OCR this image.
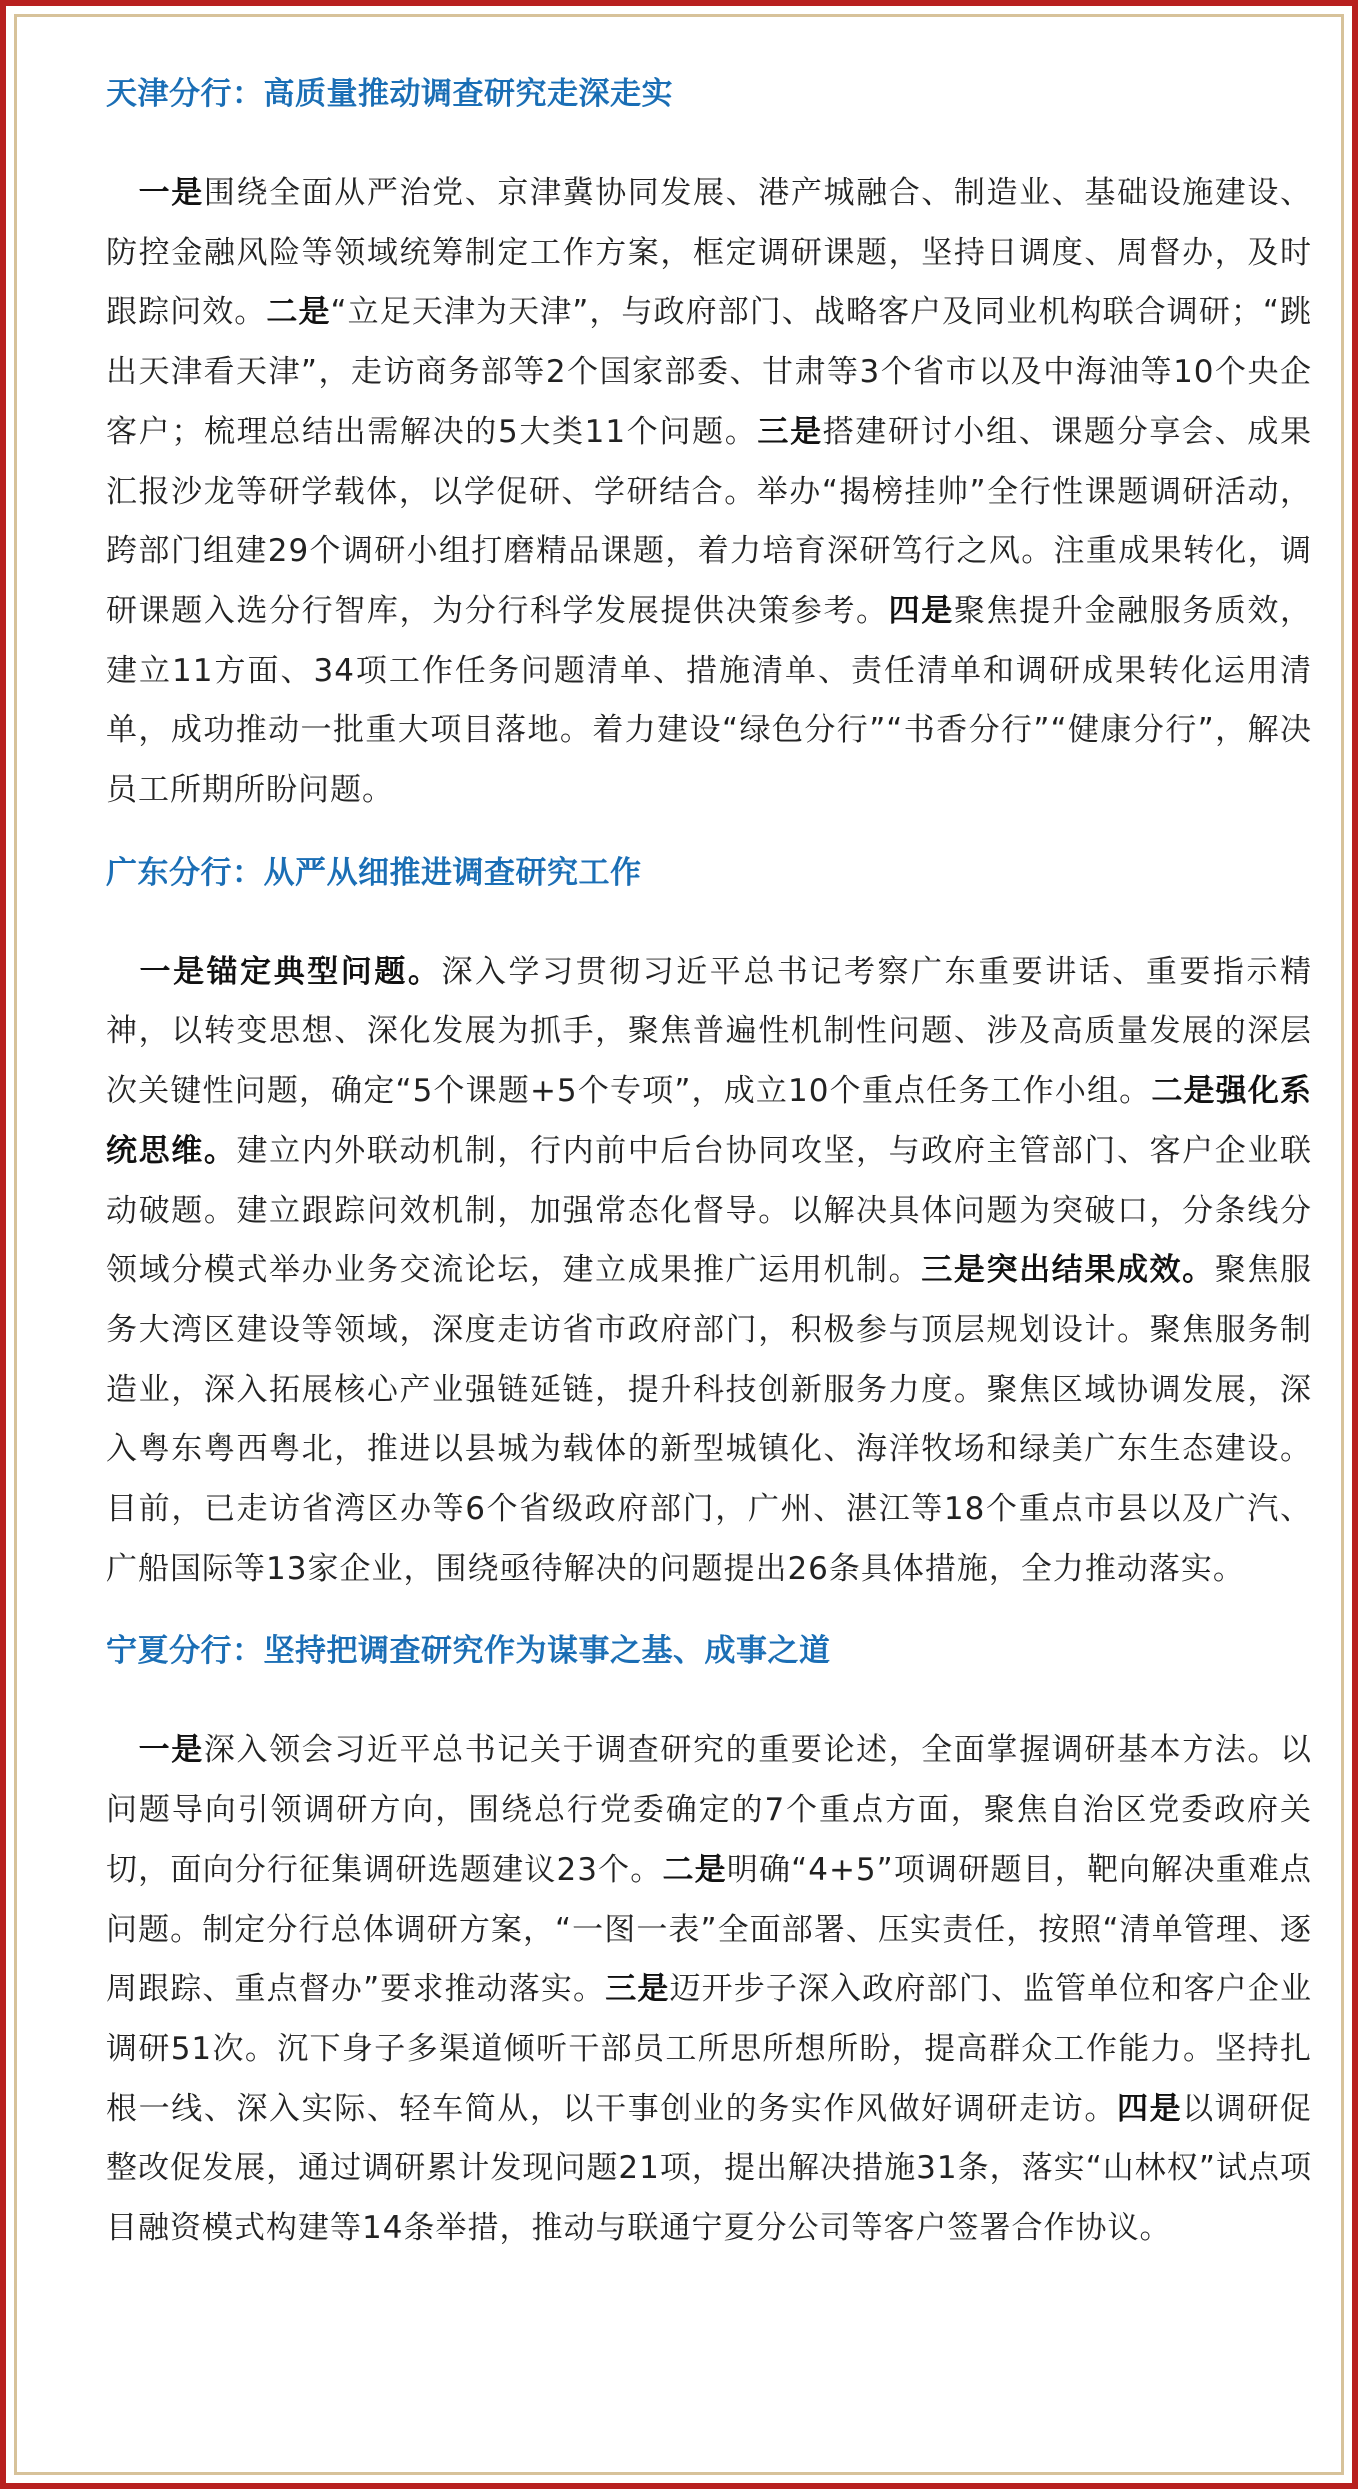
天津分行：高质量推动调查研究走深走实

　一是围绕全面从严治党、京津冀协同发展、港产城融合、制造业、基础设施建设、防控金融风险等领域统筹制定工作方案，框定调研课题，坚持日调度、周督办，及时跟踪问效。二是“立足天津为天津”，与政府部门、战略客户及同业机构联合调研；“跳出天津看天津”，走访商务部等2个国家部委、甘肃等3个省市以及中海油等10个央企客户；梳理总结出需解决的5大类11个问题。三是搭建研讨小组、课题分享会、成果汇报沙龙等研学载体，以学促研、学研结合。举办“揭榜挂帅”全行性课题调研活动，跨部门组建29个调研小组打磨精品课题，着力培育深研笃行之风。注重成果转化，调研课题入选分行智库，为分行科学发展提供决策参考。四是聚焦提升金融服务质效，建立11方面、34项工作任务问题清单、措施清单、责任清单和调研成果转化运用清单，成功推动一批重大项目落地。着力建设“绿色分行”“书香分行”“健康分行”，解决员工所期所盼问题。

广东分行：从严从细推进调查研究工作

　一是锚定典型问题。深入学习贯彻习近平总书记考察广东重要讲话、重要指示精神，以转变思想、深化发展为抓手，聚焦普遍性机制性问题、涉及高质量发展的深层次关键性问题，确定“5个课题+5个专项”，成立10个重点任务工作小组。二是强化系统思维。建立内外联动机制，行内前中后台协同攻坚，与政府主管部门、客户企业联动破题。建立跟踪问效机制，加强常态化督导。以解决具体问题为突破口，分条线分领域分模式举办业务交流论坛，建立成果推广运用机制。三是突出结果成效。聚焦服务大湾区建设等领域，深度走访省市政府部门，积极参与顶层规划设计。聚焦服务制造业，深入拓展核心产业强链延链，提升科技创新服务力度。聚焦区域协调发展，深入粤东粤西粤北，推进以县城为载体的新型城镇化、海洋牧场和绿美广东生态建设。目前，已走访省湾区办等6个省级政府部门，广州、湛江等18个重点市县以及广汽、广船国际等13家企业，围绕亟待解决的问题提出26条具体措施，全力推动落实。

宁夏分行：坚持把调查研究作为谋事之基、成事之道

　一是深入领会习近平总书记关于调查研究的重要论述，全面掌握调研基本方法。以问题导向引领调研方向，围绕总行党委确定的7个重点方面，聚焦自治区党委政府关切，面向分行征集调研选题建议23个。二是明确“4+5”项调研题目，靶向解决重难点问题。制定分行总体调研方案，“一图一表”全面部署、压实责任，按照“清单管理、逐周跟踪、重点督办”要求推动落实。三是迈开步子深入政府部门、监管单位和客户企业调研51次。沉下身子多渠道倾听干部员工所思所想所盼，提高群众工作能力。坚持扎根一线、深入实际、轻车简从，以干事创业的务实作风做好调研走访。四是以调研促整改促发展，通过调研累计发现问题21项，提出解决措施31条，落实“山林权”试点项目融资模式构建等14条举措，推动与联通宁夏分公司等客户签署合作协议。
